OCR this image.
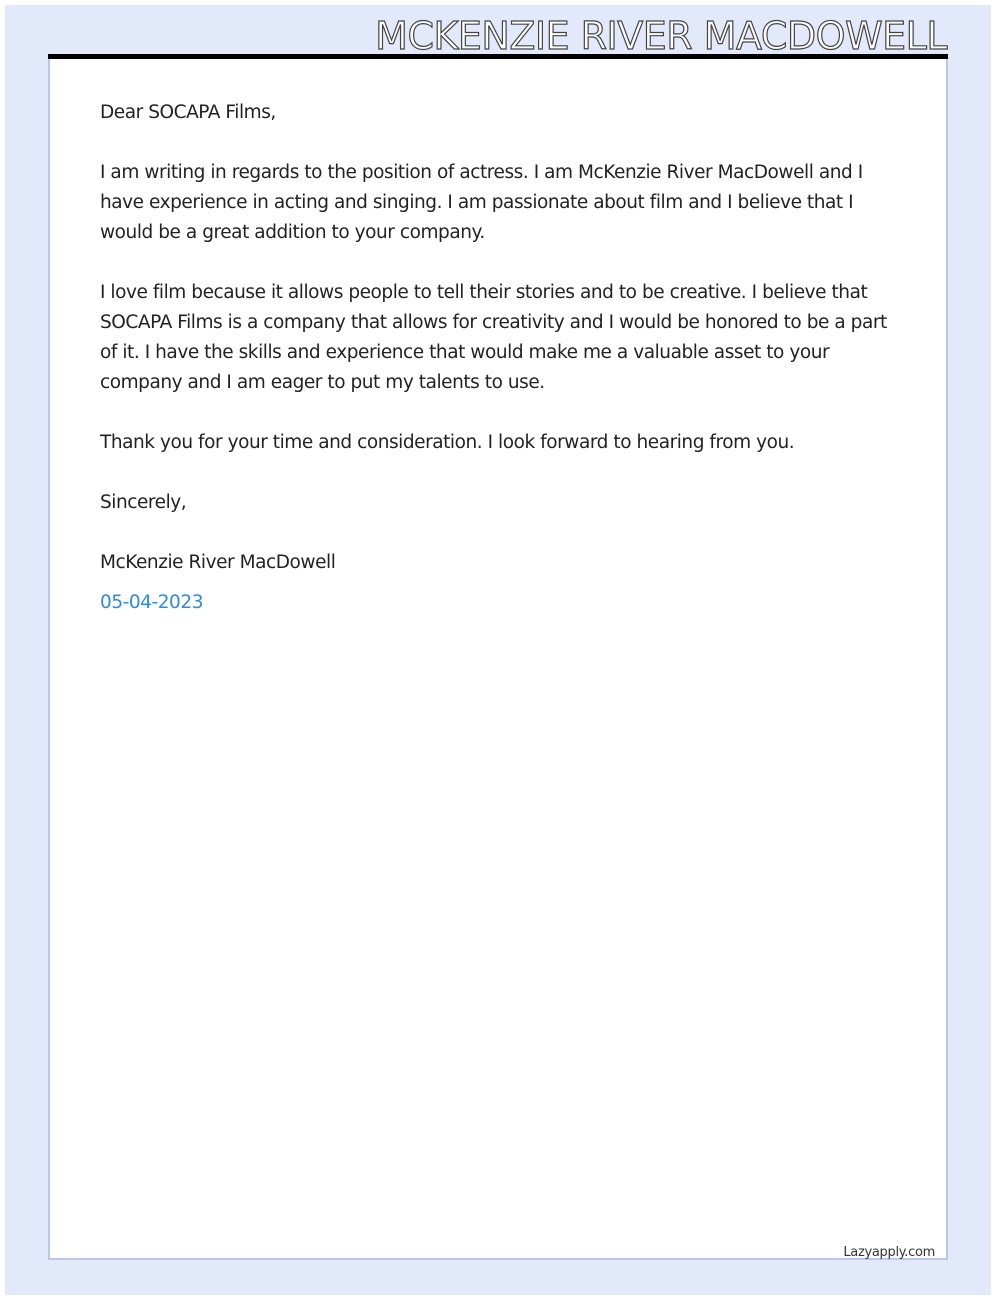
MCKENZIE RIVER MACDOWELL

Dear SOCAPA Films,

I am writing in regards to the position of actress. I am McKenzie River MacDowell and I have experience in acting and singing. I am passionate about film and I believe that I would be a great addition to your company.

I love film because it allows people to tell their stories and to be creative. I believe that SOCAPA Films is a company that allows for creativity and I would be honored to be a part of it. I have the skills and experience that would make me a valuable asset to your company and I am eager to put my talents to use.

Thank you for your time and consideration. I look forward to hearing from you.

Sincerely,

McKenzie River MacDowell

05-04-2023

Lazyapply.com
